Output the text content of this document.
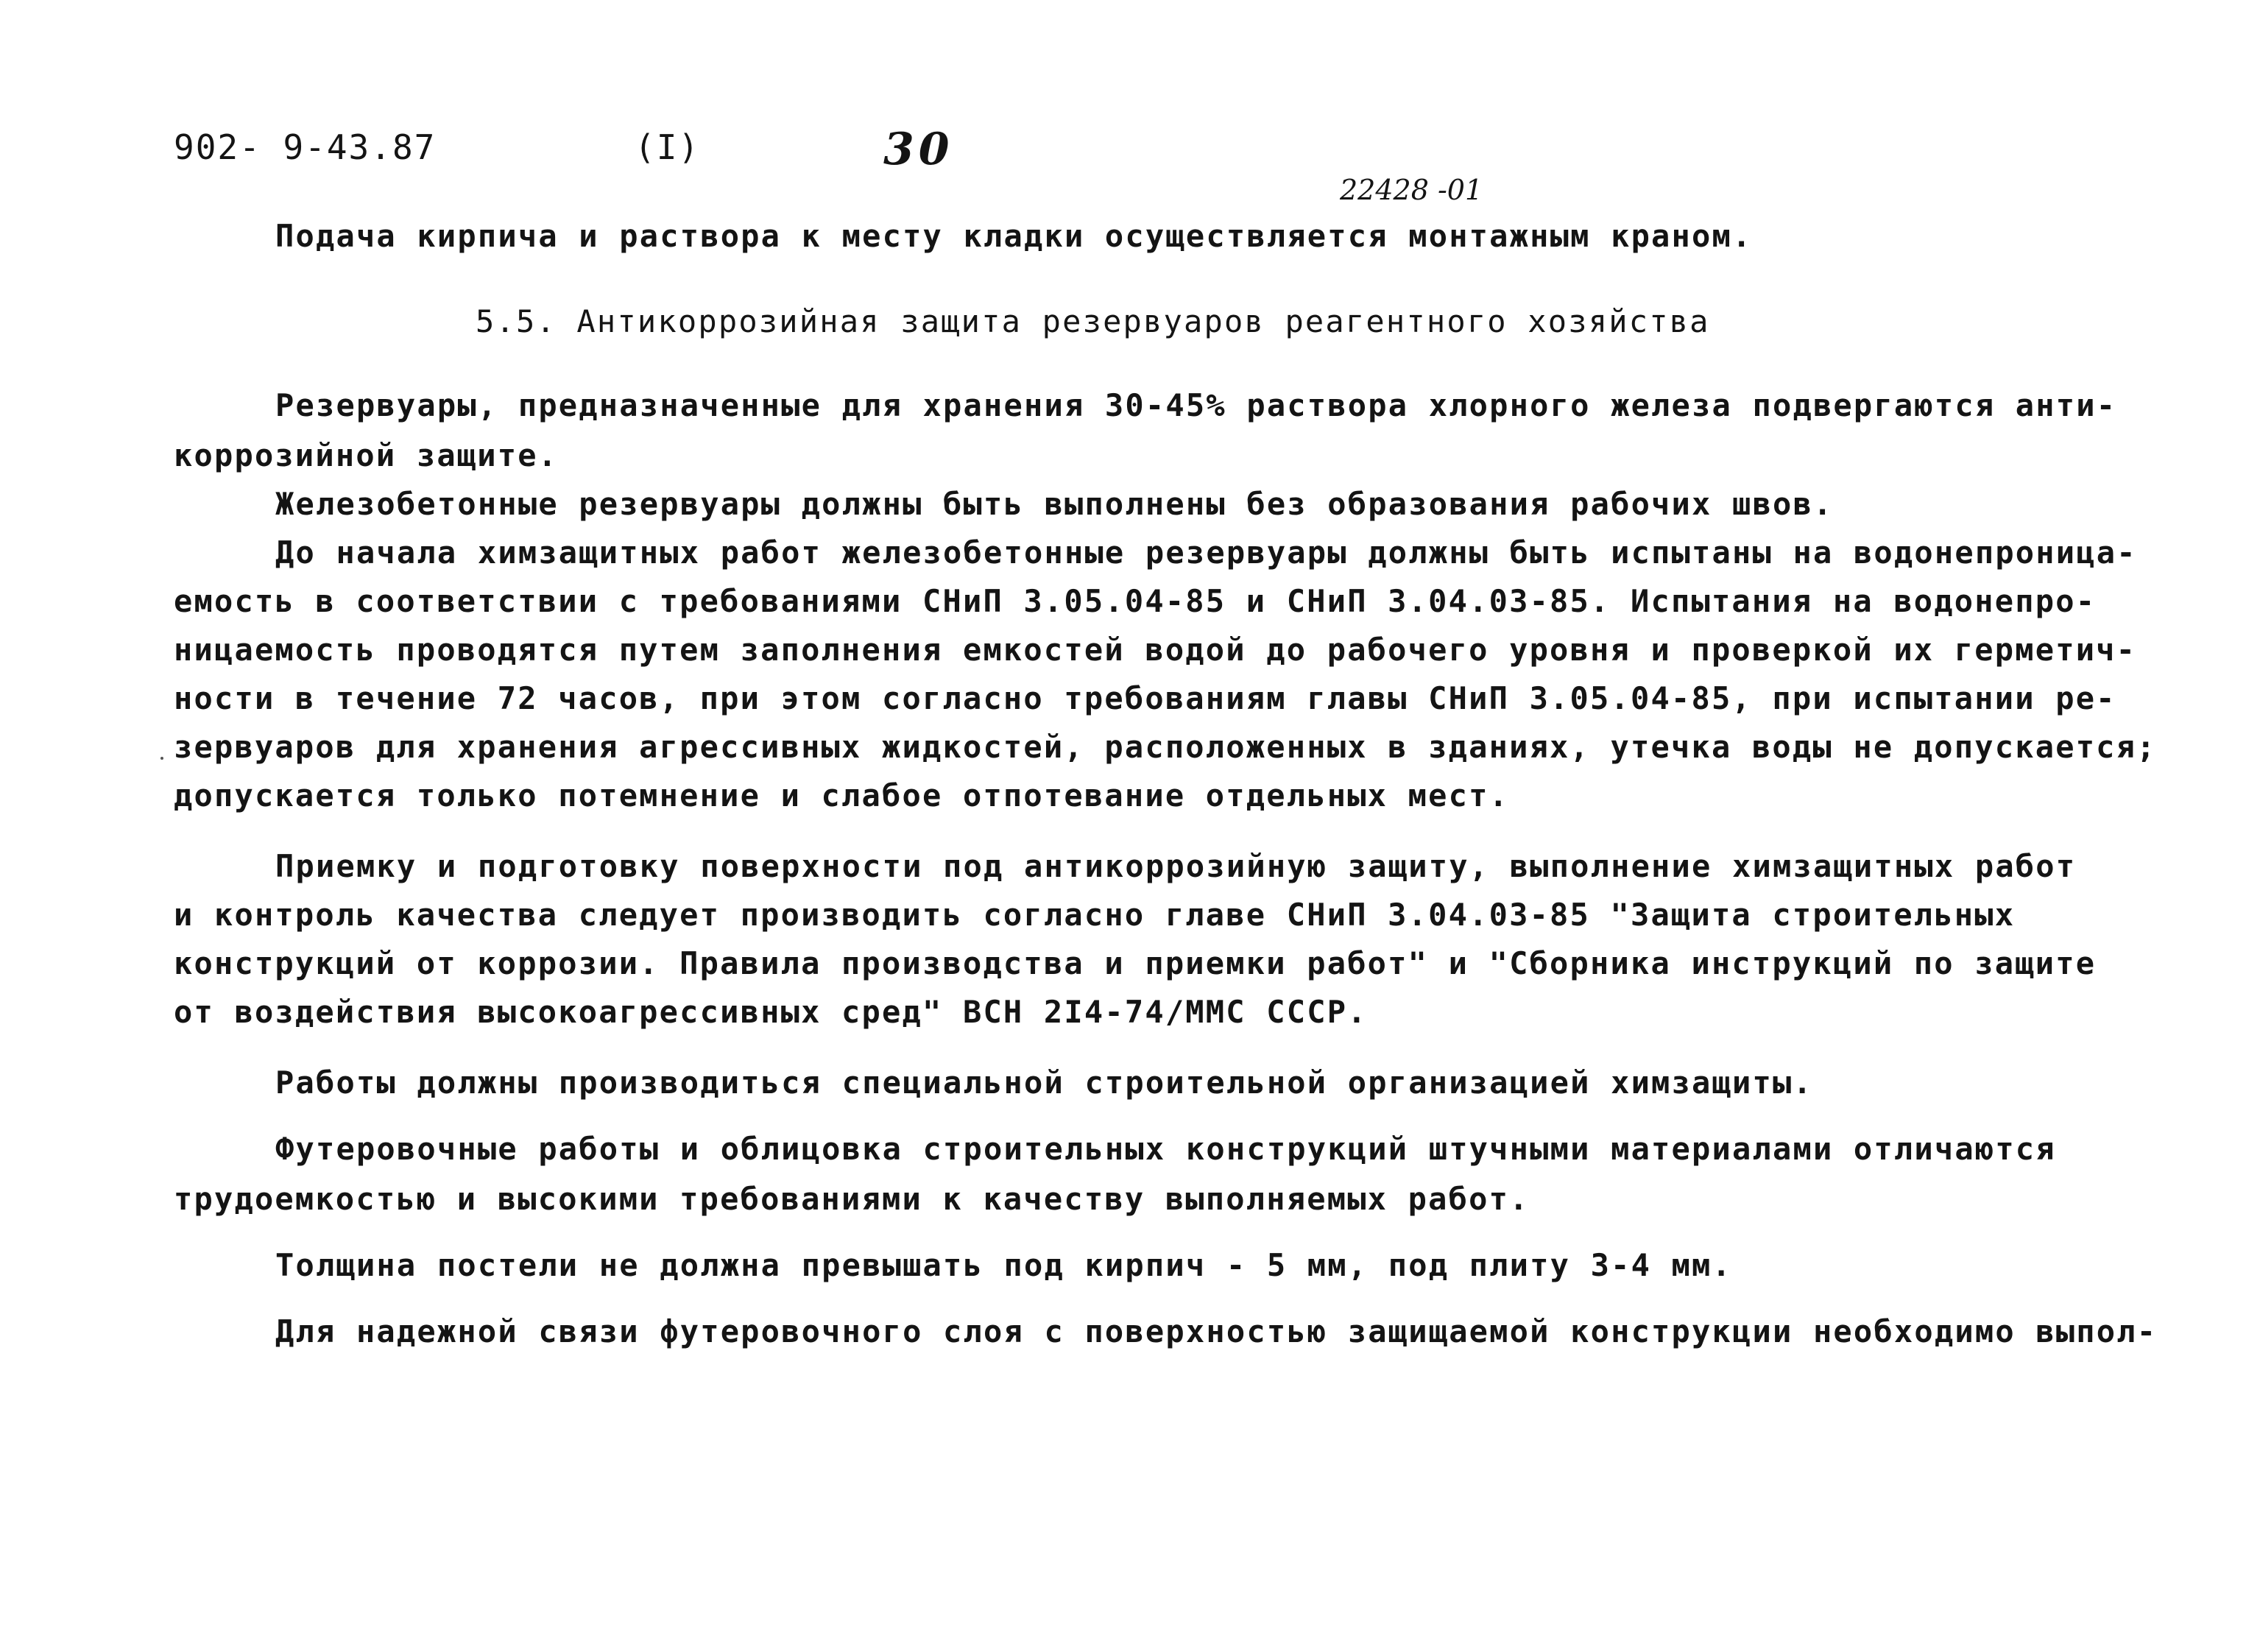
902- 9-43.87	(I)	30
22428 -01
Подача кирпича и раствора к месту кладки осуществляется монтажным краном.
5.5. Антикоррозийная защита резервуаров реагентного хозяйства
Резервуары, предназначенные для хранения 30-45% раствора хлорного железа подвергаются анти-
коррозийной защите.
Железобетонные резервуары должны быть выполнены без образования рабочих швов.
До начала химзащитных работ железобетонные резервуары должны быть испытаны на водонепроница-
емость в соответствии с требованиями СНиП 3.05.04-85 и СНиП 3.04.03-85. Испытания на водонепро-
ницаемость проводятся путем заполнения емкостей водой до рабочего уровня и проверкой их герметич-
ности в течение 72 часов, при этом согласно требованиям главы СНиП 3.05.04-85, при испытании ре-
зервуаров для хранения агрессивных жидкостей, расположенных в зданиях, утечка воды не допускается;
допускается только потемнение и слабое отпотевание отдельных мест.
Приемку и подготовку поверхности под антикоррозийную защиту, выполнение химзащитных работ
и контроль качества следует производить согласно главе СНиП 3.04.03-85 "Защита строительных
конструкций от коррозии. Правила производства и приемки работ" и "Сборника инструкций по защите
от воздействия высокоагрессивных сред" ВСН 2I4-74/ММС СССР.
Работы должны производиться специальной строительной организацией химзащиты.
Футеровочные работы и облицовка строительных конструкций штучными материалами отличаются
трудоемкостью и высокими требованиями к качеству выполняемых работ.
Толщина постели не должна превышать под кирпич - 5 мм, под плиту 3-4 мм.
Для надежной связи футеровочного слоя с поверхностью защищаемой конструкции необходимо выпол-
